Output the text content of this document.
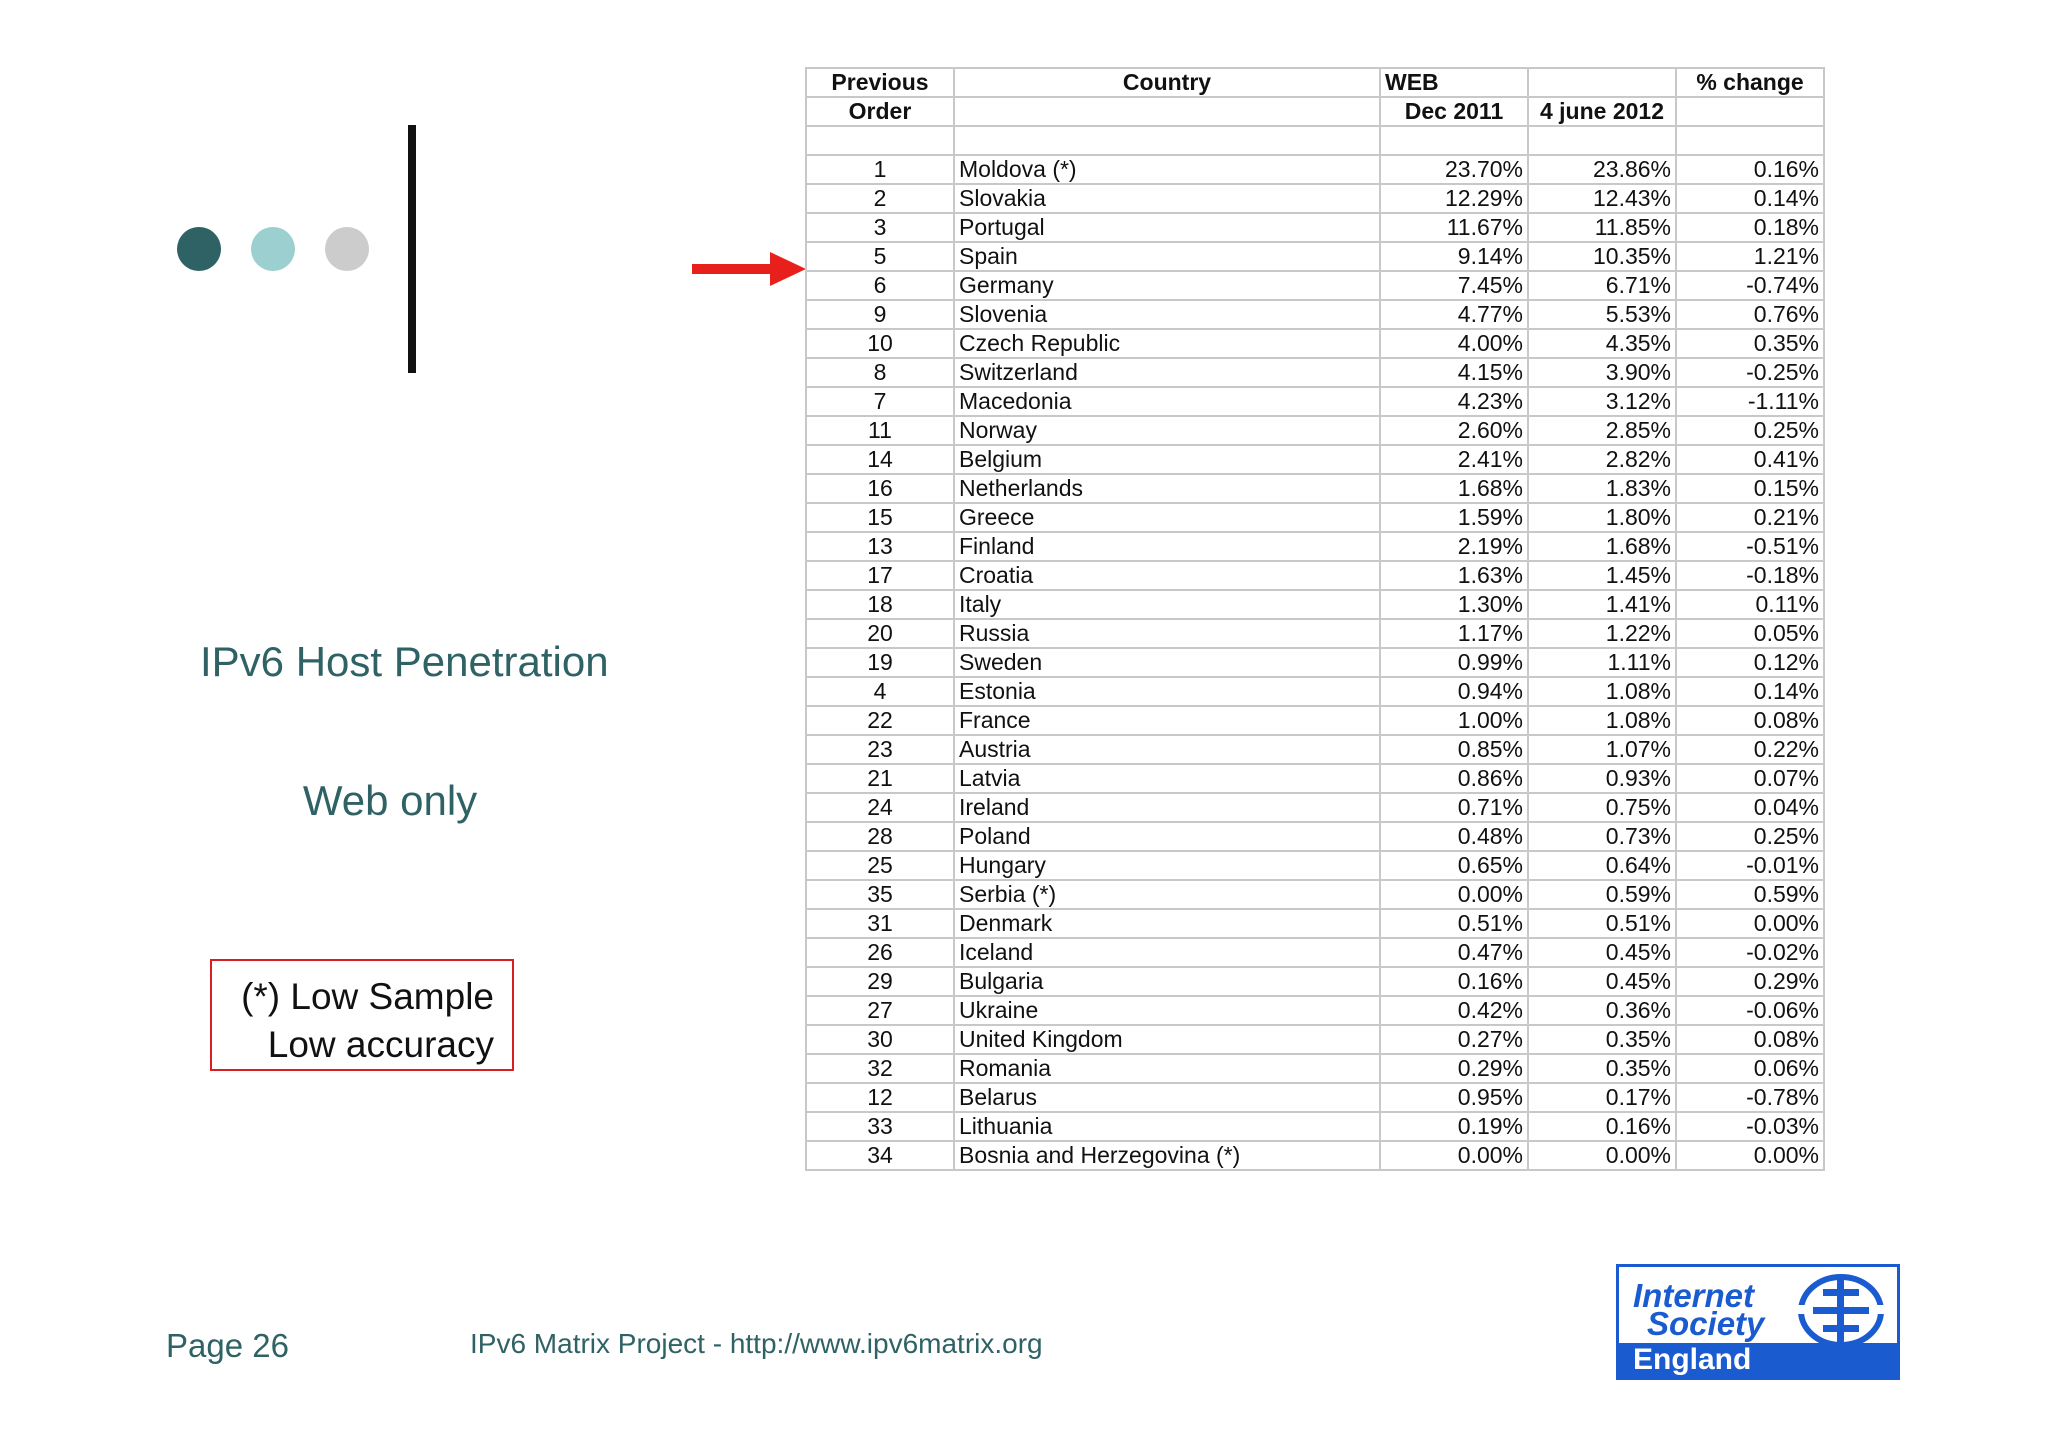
IPv6 Host Penetration
Web only
(*) Low Sample
Low accuracy
Previous	Country	WEB		% change
Order		Dec 2011	4 june 2012	

1	Moldova (*)	23.70%	23.86%	0.16%
2	Slovakia	12.29%	12.43%	0.14%
3	Portugal	11.67%	11.85%	0.18%
5	Spain	9.14%	10.35%	1.21%
6	Germany	7.45%	6.71%	-0.74%
9	Slovenia	4.77%	5.53%	0.76%
10	Czech Republic	4.00%	4.35%	0.35%
8	Switzerland	4.15%	3.90%	-0.25%
7	Macedonia	4.23%	3.12%	-1.11%
11	Norway	2.60%	2.85%	0.25%
14	Belgium	2.41%	2.82%	0.41%
16	Netherlands	1.68%	1.83%	0.15%
15	Greece	1.59%	1.80%	0.21%
13	Finland	2.19%	1.68%	-0.51%
17	Croatia	1.63%	1.45%	-0.18%
18	Italy	1.30%	1.41%	0.11%
20	Russia	1.17%	1.22%	0.05%
19	Sweden	0.99%	1.11%	0.12%
4	Estonia	0.94%	1.08%	0.14%
22	France	1.00%	1.08%	0.08%
23	Austria	0.85%	1.07%	0.22%
21	Latvia	0.86%	0.93%	0.07%
24	Ireland	0.71%	0.75%	0.04%
28	Poland	0.48%	0.73%	0.25%
25	Hungary	0.65%	0.64%	-0.01%
35	Serbia (*)	0.00%	0.59%	0.59%
31	Denmark	0.51%	0.51%	0.00%
26	Iceland	0.47%	0.45%	-0.02%
29	Bulgaria	0.16%	0.45%	0.29%
27	Ukraine	0.42%	0.36%	-0.06%
30	United Kingdom	0.27%	0.35%	0.08%
32	Romania	0.29%	0.35%	0.06%
12	Belarus	0.95%	0.17%	-0.78%
33	Lithuania	0.19%	0.16%	-0.03%
34	Bosnia and Herzegovina (*)	0.00%	0.00%	0.00%
Page 26	IPv6 Matrix Project - http://www.ipv6matrix.org
Internet
Society
England
